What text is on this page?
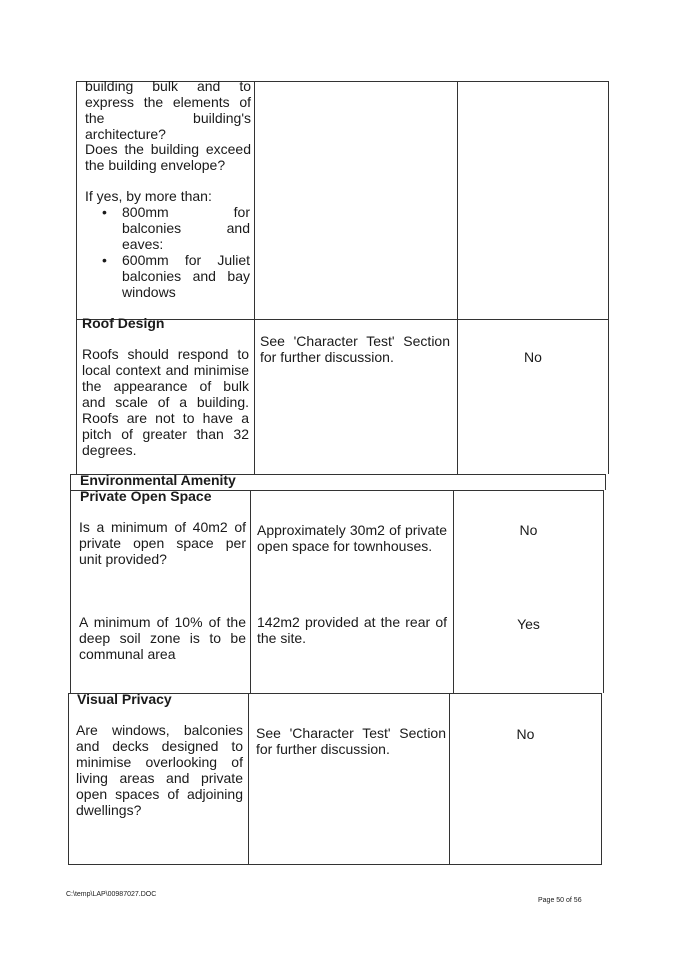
building bulk and to express the elements of the building's architecture?

Does the building exceed the building envelope?

If yes, by more than:

• 800mm for balconies and eaves:
• 600mm for Juliet balconies and bay windows

Roof Design

Roofs should respond to local context and minimise the appearance of bulk and scale of a building. Roofs are not to have a pitch of greater than 32 degrees.

See 'Character Test' Section for further discussion.	No

Environmental Amenity

Private Open Space

Is a minimum of 40m2 of private open space per unit provided?

Approximately 30m2 of private open space for townhouses.

No

A minimum of 10% of the deep soil zone is to be communal area

142m2 provided at the rear of the site.

Yes

Visual Privacy

Are windows, balconies and decks designed to minimise overlooking of living areas and private open spaces of adjoining dwellings?

See 'Character Test' Section for further discussion.

No

C:\temp\LAP\00987027.DOC
Page 50 of 56
